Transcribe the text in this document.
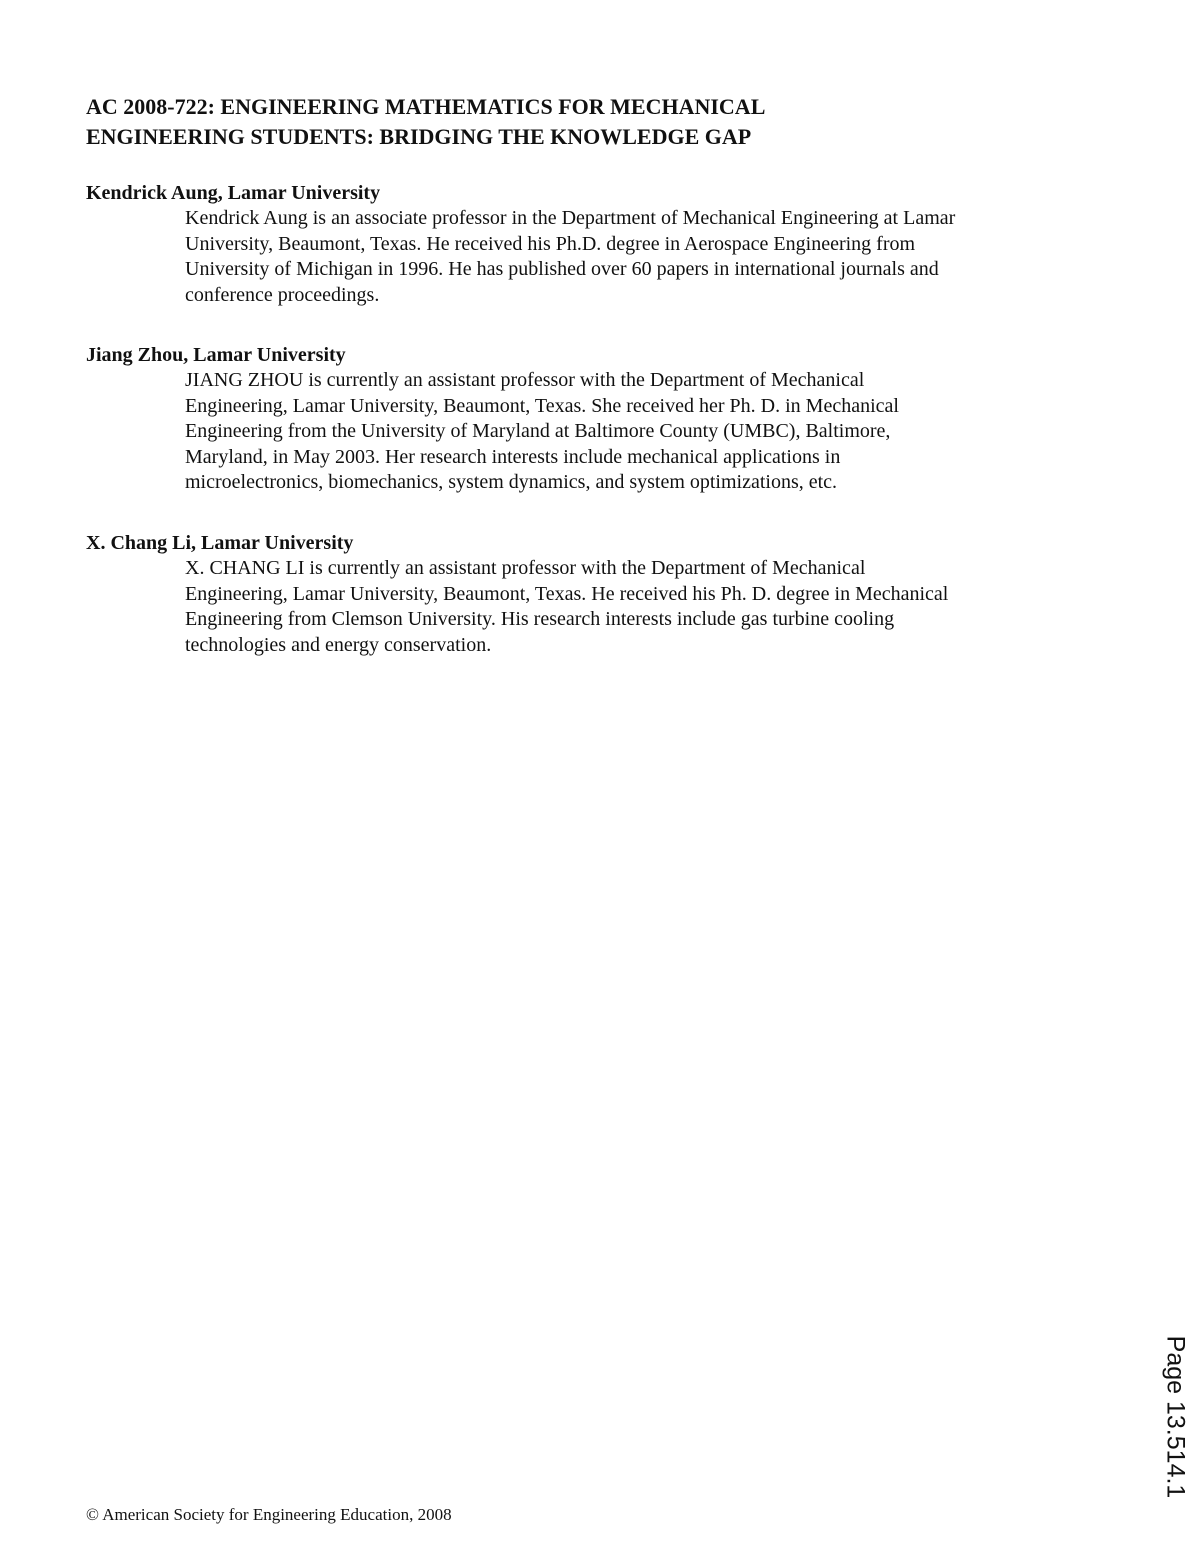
AC 2008-722: ENGINEERING MATHEMATICS FOR MECHANICAL
ENGINEERING STUDENTS: BRIDGING THE KNOWLEDGE GAP

Kendrick Aung, Lamar University

Kendrick Aung is an associate professor in the Department of Mechanical Engineering at Lamar
University, Beaumont, Texas. He received his Ph.D. degree in Aerospace Engineering from
University of Michigan in 1996. He has published over 60 papers in international journals and
conference proceedings.

Jiang Zhou, Lamar University

JIANG ZHOU is currently an assistant professor with the Department of Mechanical
Engineering, Lamar University, Beaumont, Texas. She received her Ph. D. in Mechanical
Engineering from the University of Maryland at Baltimore County (UMBC), Baltimore,
Maryland, in May 2003. Her research interests include mechanical applications in
microelectronics, biomechanics, system dynamics, and system optimizations, etc.

X. Chang Li, Lamar University

X. CHANG LI is currently an assistant professor with the Department of Mechanical
Engineering, Lamar University, Beaumont, Texas. He received his Ph. D. degree in Mechanical
Engineering from Clemson University. His research interests include gas turbine cooling
technologies and energy conservation.

© American Society for Engineering Education, 2008
Page 13.514.1
